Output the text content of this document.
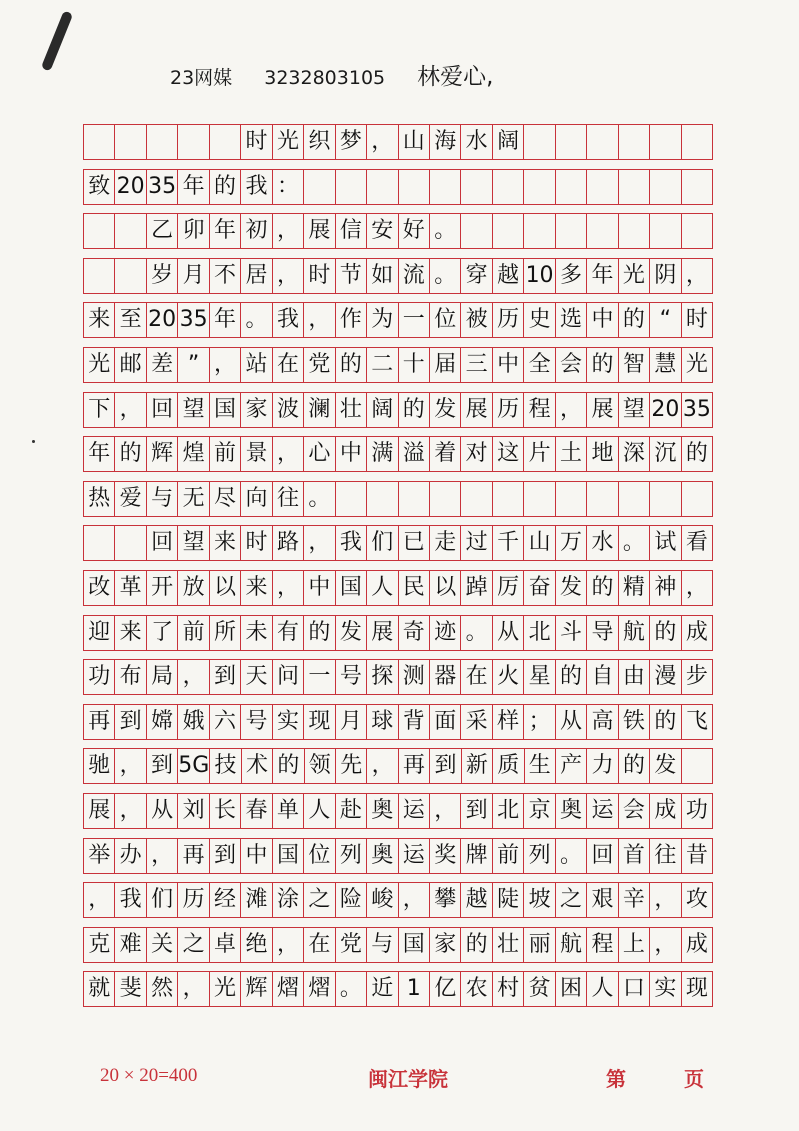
23网媒 3232803105 林爱心,
时 光 织 梦 ， 山 海 水 阔
致 20 35 年 的 我 ：
乙 卯 年 初 ， 展 信 安 好 。
岁 月 不 居 ， 时 节 如 流 。 穿 越 10 多 年 光 阴 ，
来 至 20 35 年 。 我 ， 作 为 一 位 被 历 史 选 中 的 “ 时
光 邮 差 ” ， 站 在 党 的 二 十 届 三 中 全 会 的 智 慧 光
下 ， 回 望 国 家 波 澜 壮 阔 的 发 展 历 程 ， 展 望 20 35
年 的 辉 煌 前 景 ， 心 中 满 溢 着 对 这 片 土 地 深 沉 的
热 爱 与 无 尽 向 往 。
回 望 来 时 路 ， 我 们 已 走 过 千 山 万 水 。 试 看
改 革 开 放 以 来 ， 中 国 人 民 以 踔 厉 奋 发 的 精 神 ，
迎 来 了 前 所 未 有 的 发 展 奇 迹 。 从 北 斗 导 航 的 成
功 布 局 ， 到 天 问 一 号 探 测 器 在 火 星 的 自 由 漫 步
再 到 嫦 娥 六 号 实 现 月 球 背 面 采 样 ； 从 高 铁 的 飞
驰 ， 到 5G 技 术 的 领 先 ， 再 到 新 质 生 产 力 的 发
展 ， 从 刘 长 春 单 人 赴 奥 运 ， 到 北 京 奥 运 会 成 功
举 办 ， 再 到 中 国 位 列 奥 运 奖 牌 前 列 。 回 首 往 昔
， 我 们 历 经 滩 涂 之 险 峻 ， 攀 越 陡 坡 之 艰 辛 ， 攻
克 难 关 之 卓 绝 ， 在 党 与 国 家 的 壮 丽 航 程 上 ， 成
就 斐 然 ， 光 辉 熠 熠 。 近 1 亿 农 村 贫 困 人 口 实 现
20 × 20=400	闽江学院	第	页
